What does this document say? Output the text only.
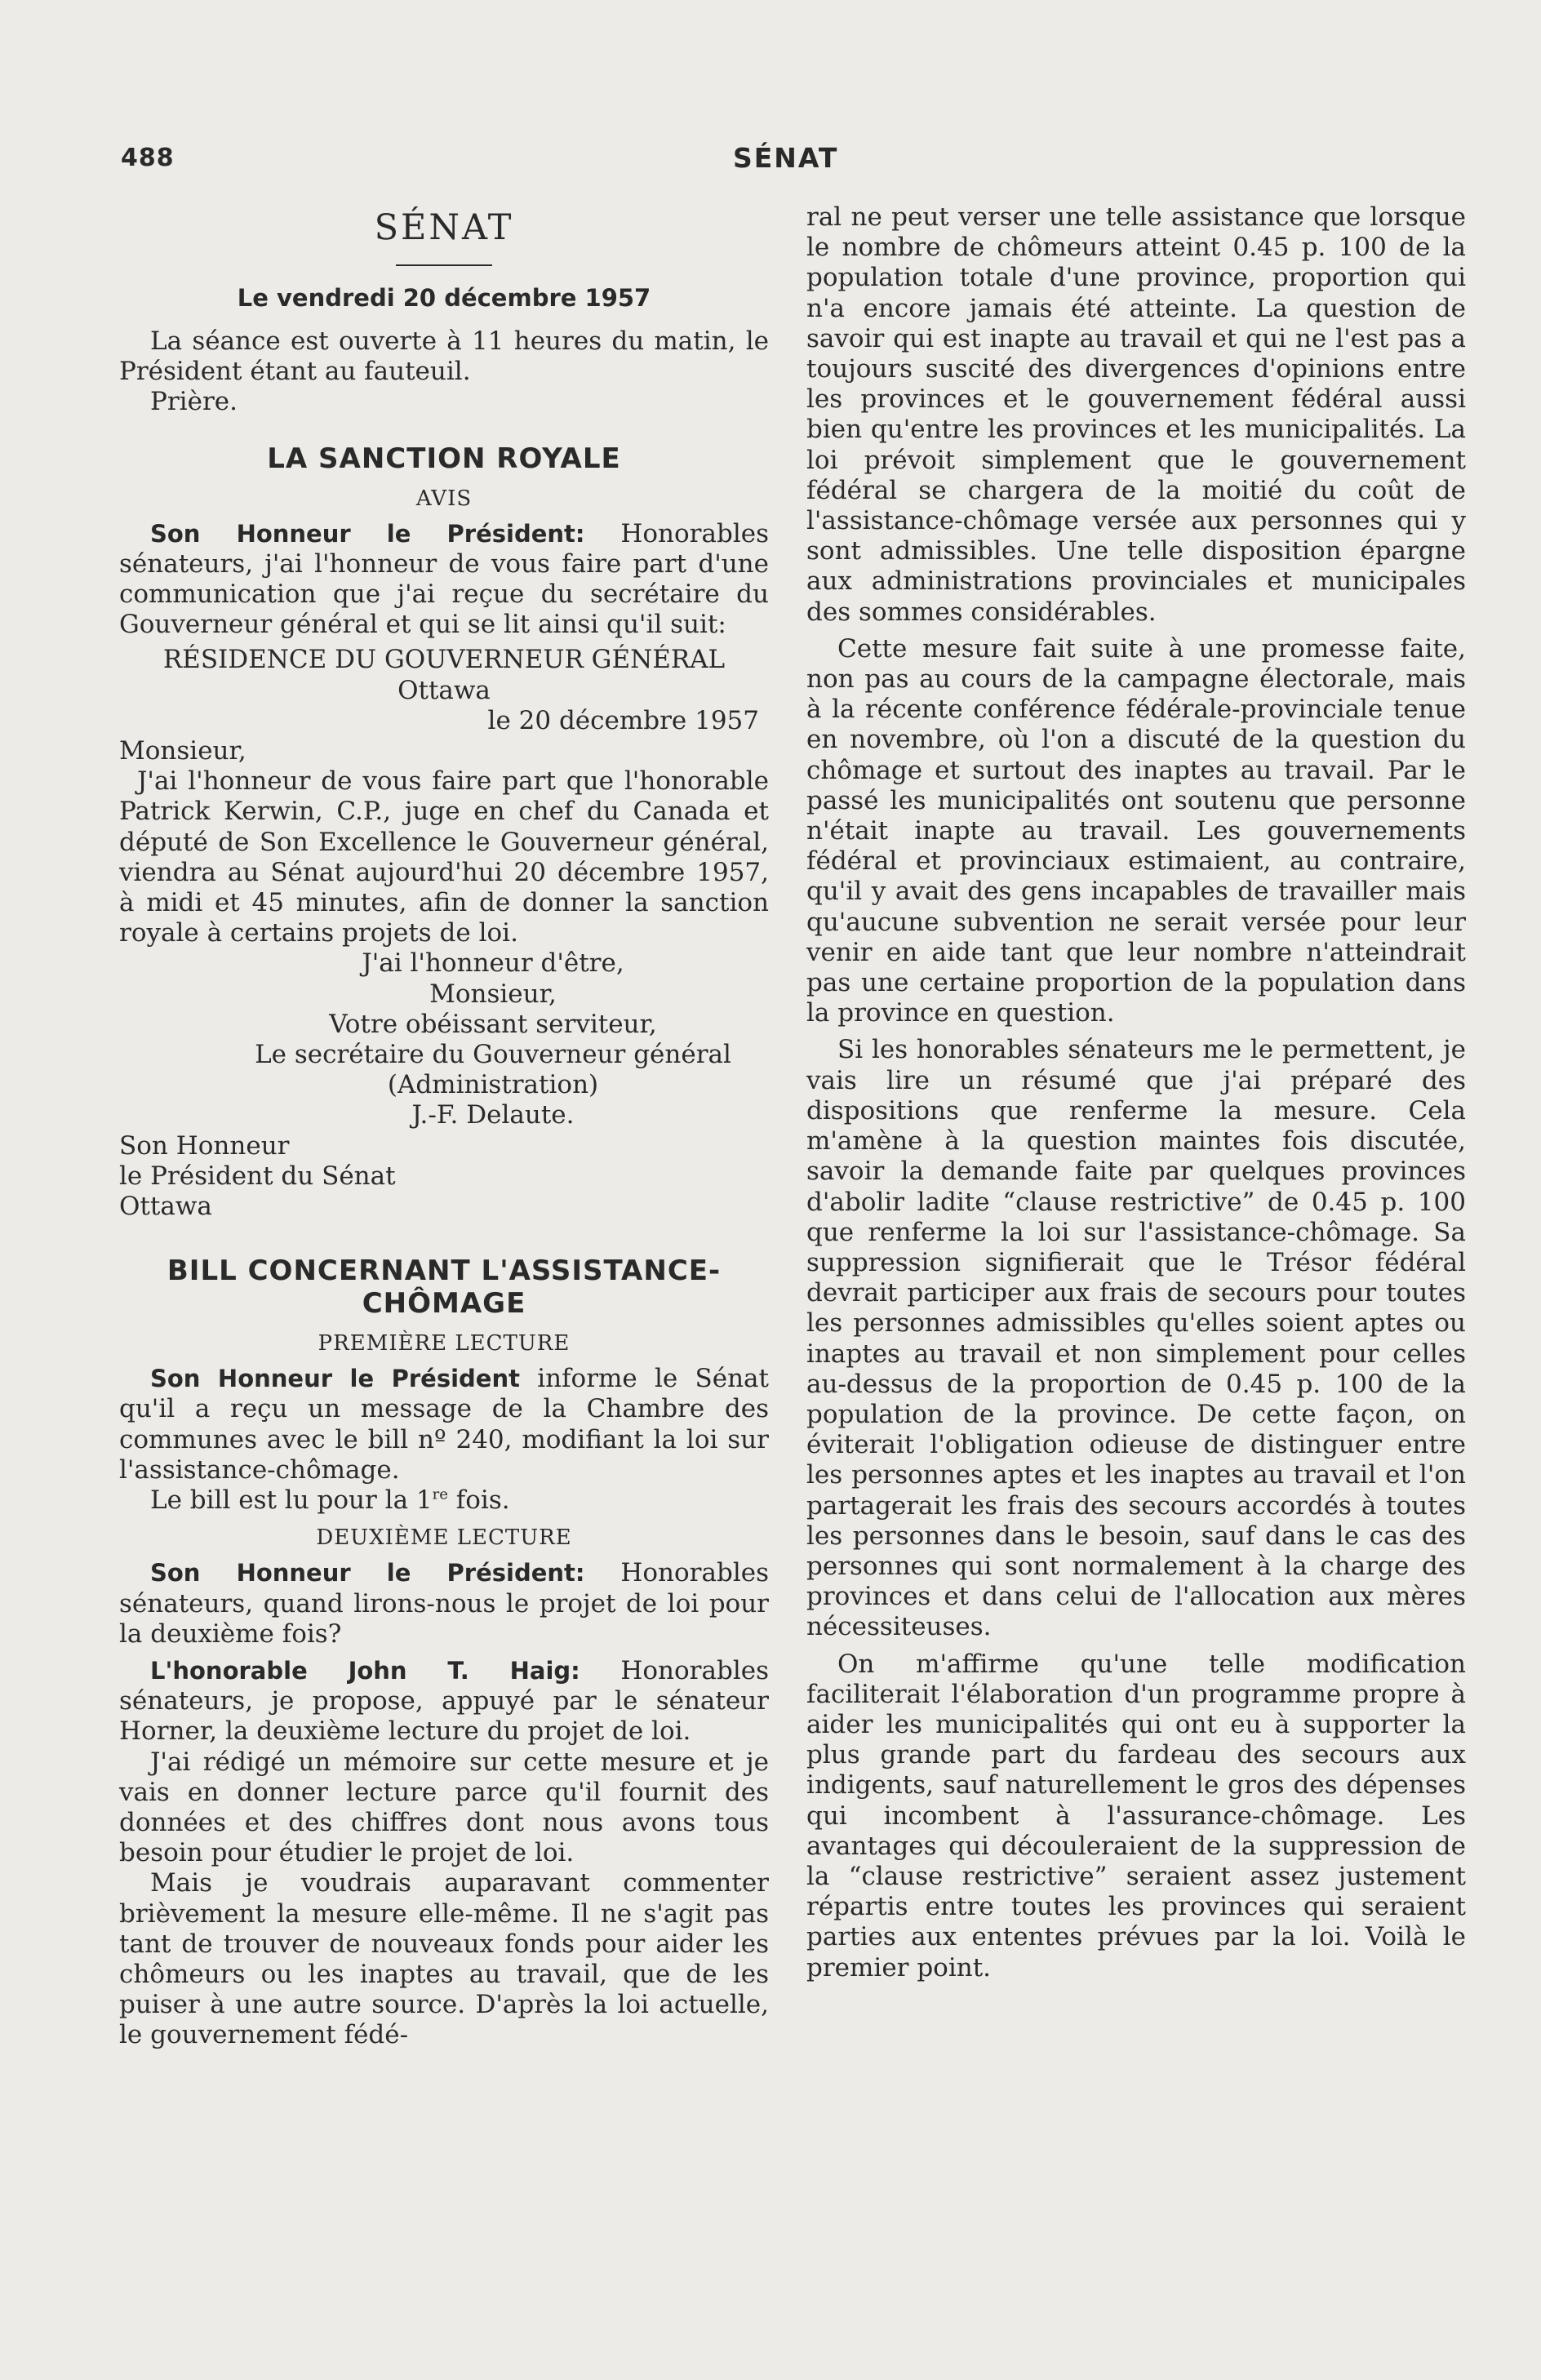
488	SÉNAT
SÉNAT
Le vendredi 20 décembre 1957

La séance est ouverte à 11 heures du matin, le Président étant au fauteuil.

Prière.

LA SANCTION ROYALE
AVIS

Son Honneur le Président: Honorables sénateurs, j'ai l'honneur de vous faire part d'une communication que j'ai reçue du secrétaire du Gouverneur général et qui se lit ainsi qu'il suit:

RÉSIDENCE DU GOUVERNEUR GÉNÉRAL

Ottawa

le 20 décembre 1957

Monsieur,

J'ai l'honneur de vous faire part que l'honorable Patrick Kerwin, C.P., juge en chef du Canada et député de Son Excellence le Gouverneur général, viendra au Sénat aujourd'hui 20 décembre 1957, à midi et 45 minutes, afin de donner la sanction royale à certains projets de loi.

J'ai l'honneur d'être,

Monsieur,

Votre obéissant serviteur,

Le secrétaire du Gouverneur général

(Administration)

J.-F. Delaute.

Son Honneur

le Président du Sénat

Ottawa

BILL CONCERNANT L'ASSISTANCE-CHÔMAGE
PREMIÈRE LECTURE

Son Honneur le Président informe le Sénat qu'il a reçu un message de la Chambre des communes avec le bill nº 240, modifiant la loi sur l'assistance-chômage.

Le bill est lu pour la 1re fois.

DEUXIÈME LECTURE

Son Honneur le Président: Honorables sénateurs, quand lirons-nous le projet de loi pour la deuxième fois?

L'honorable John T. Haig: Honorables sénateurs, je propose, appuyé par le sénateur Horner, la deuxième lecture du projet de loi.

J'ai rédigé un mémoire sur cette mesure et je vais en donner lecture parce qu'il fournit des données et des chiffres dont nous avons tous besoin pour étudier le projet de loi.

Mais je voudrais auparavant commenter brièvement la mesure elle-même. Il ne s'agit pas tant de trouver de nouveaux fonds pour aider les chômeurs ou les inaptes au travail, que de les puiser à une autre source. D'après la loi actuelle, le gouvernement fédé-

ral ne peut verser une telle assistance que lorsque le nombre de chômeurs atteint 0.45 p. 100 de la population totale d'une province, proportion qui n'a encore jamais été atteinte. La question de savoir qui est inapte au travail et qui ne l'est pas a toujours suscité des divergences d'opinions entre les provinces et le gouvernement fédéral aussi bien qu'entre les provinces et les municipalités. La loi prévoit simplement que le gouvernement fédéral se chargera de la moitié du coût de l'assistance-chômage versée aux personnes qui y sont admissibles. Une telle disposition épargne aux administrations provinciales et municipales des sommes considérables.

Cette mesure fait suite à une promesse faite, non pas au cours de la campagne électorale, mais à la récente conférence fédérale-provinciale tenue en novembre, où l'on a discuté de la question du chômage et surtout des inaptes au travail. Par le passé les municipalités ont soutenu que personne n'était inapte au travail. Les gouvernements fédéral et provinciaux estimaient, au contraire, qu'il y avait des gens incapables de travailler mais qu'aucune subvention ne serait versée pour leur venir en aide tant que leur nombre n'atteindrait pas une certaine proportion de la population dans la province en question.

Si les honorables sénateurs me le permettent, je vais lire un résumé que j'ai préparé des dispositions que renferme la mesure. Cela m'amène à la question maintes fois discutée, savoir la demande faite par quelques provinces d'abolir ladite “clause restrictive” de 0.45 p. 100 que renferme la loi sur l'assistance-chômage. Sa suppression signifierait que le Trésor fédéral devrait participer aux frais de secours pour toutes les personnes admissibles qu'elles soient aptes ou inaptes au travail et non simplement pour celles au-dessus de la proportion de 0.45 p. 100 de la population de la province. De cette façon, on éviterait l'obligation odieuse de distinguer entre les personnes aptes et les inaptes au travail et l'on partagerait les frais des secours accordés à toutes les personnes dans le besoin, sauf dans le cas des personnes qui sont normalement à la charge des provinces et dans celui de l'allocation aux mères nécessiteuses.

On m'affirme qu'une telle modification faciliterait l'élaboration d'un programme propre à aider les municipalités qui ont eu à supporter la plus grande part du fardeau des secours aux indigents, sauf naturellement le gros des dépenses qui incombent à l'assurance-chômage. Les avantages qui découleraient de la suppression de la “clause restrictive” seraient assez justement répartis entre toutes les provinces qui seraient parties aux ententes prévues par la loi. Voilà le premier point.
